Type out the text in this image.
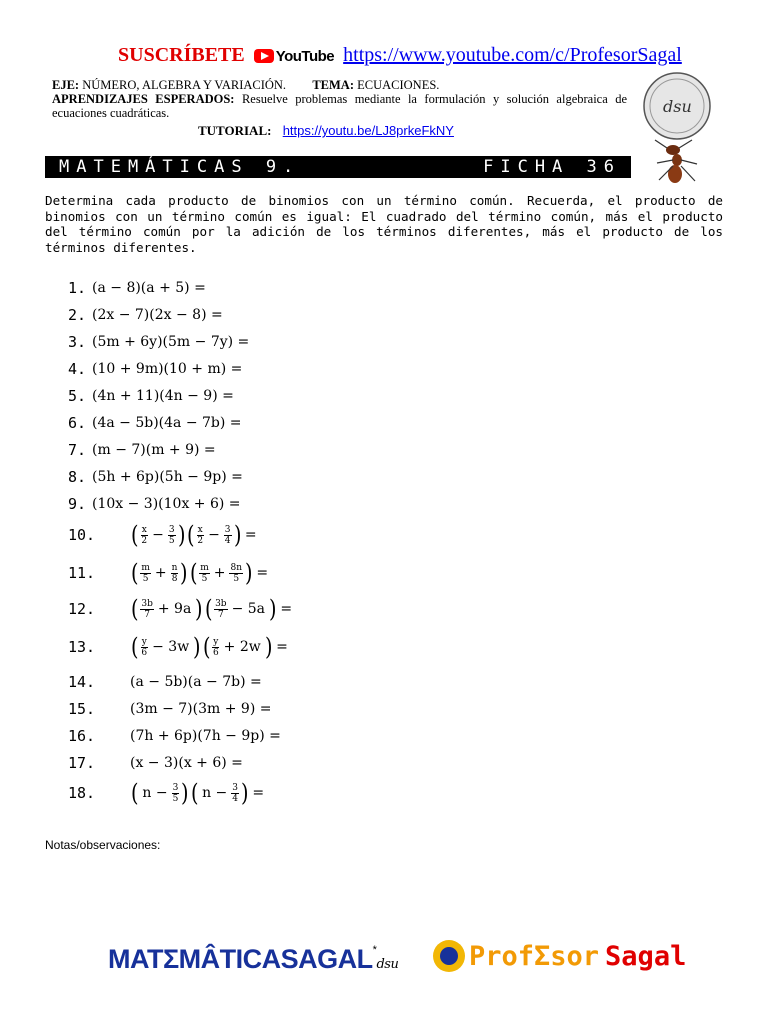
SUSCRÍBETE YouTube https://www.youtube.com/c/ProfesorSagal
EJE: NÚMERO, ALGEBRA Y VARIACIÓN. TEMA: ECUACIONES.
APRENDIZAJES ESPERADOS: Resuelve problemas mediante la formulación y solución algebraica de ecuaciones cuadráticas.
TUTORIAL: https://youtu.be/LJ8prkeFkNY
dsu
MATEMÁTICAS 9.	FICHA 36
Determina cada producto de binomios con un término común. Recuerda, el producto de binomios con un término común es igual: El cuadrado del término común, más el producto del término común por la adición de los términos diferentes, más el producto de los términos diferentes.
1. (a − 8)(a + 5) =
2. (2x − 7)(2x − 8) =
3. (5m + 6y)(5m − 7y) =
4. (10 + 9m)(10 + m) =
5. (4n + 11)(4n − 9) =
6. (4a − 5b)(4a − 7b) =
7. (m − 7)(m + 9) =
8. (5h + 6p)(5h − 9p) =
9. (10x − 3)(10x + 6) =
10.	( $\frac{x}{2} - \frac{3}{5}$ ) ( $\frac{x}{2} - \frac{3}{4}$ ) =
11.	( $\frac{m}{5} + \frac{n}{8}$ ) ( $\frac{m}{5} + \frac{8n}{5}$ ) =
12.	( $\frac{3b}{7} + 9a$ ) ( $\frac{3b}{7} - 5a$ ) =
13.	( $\frac{y}{6} - 3w$ ) ( $\frac{y}{6} + 2w$ ) =
14.	(a − 5b)(a − 7b) =
15.	(3m − 7)(3m + 9) =
16.	(7h + 6p)(7h − 9p) =
17.	(x − 3)(x + 6) =
18.	( $n - \frac{3}{5}$ ) ( $n - \frac{3}{4}$ ) =
Notas/observaciones:
MATƩMÂTICASAGAL*dsu	ProfƩsor Sagal
